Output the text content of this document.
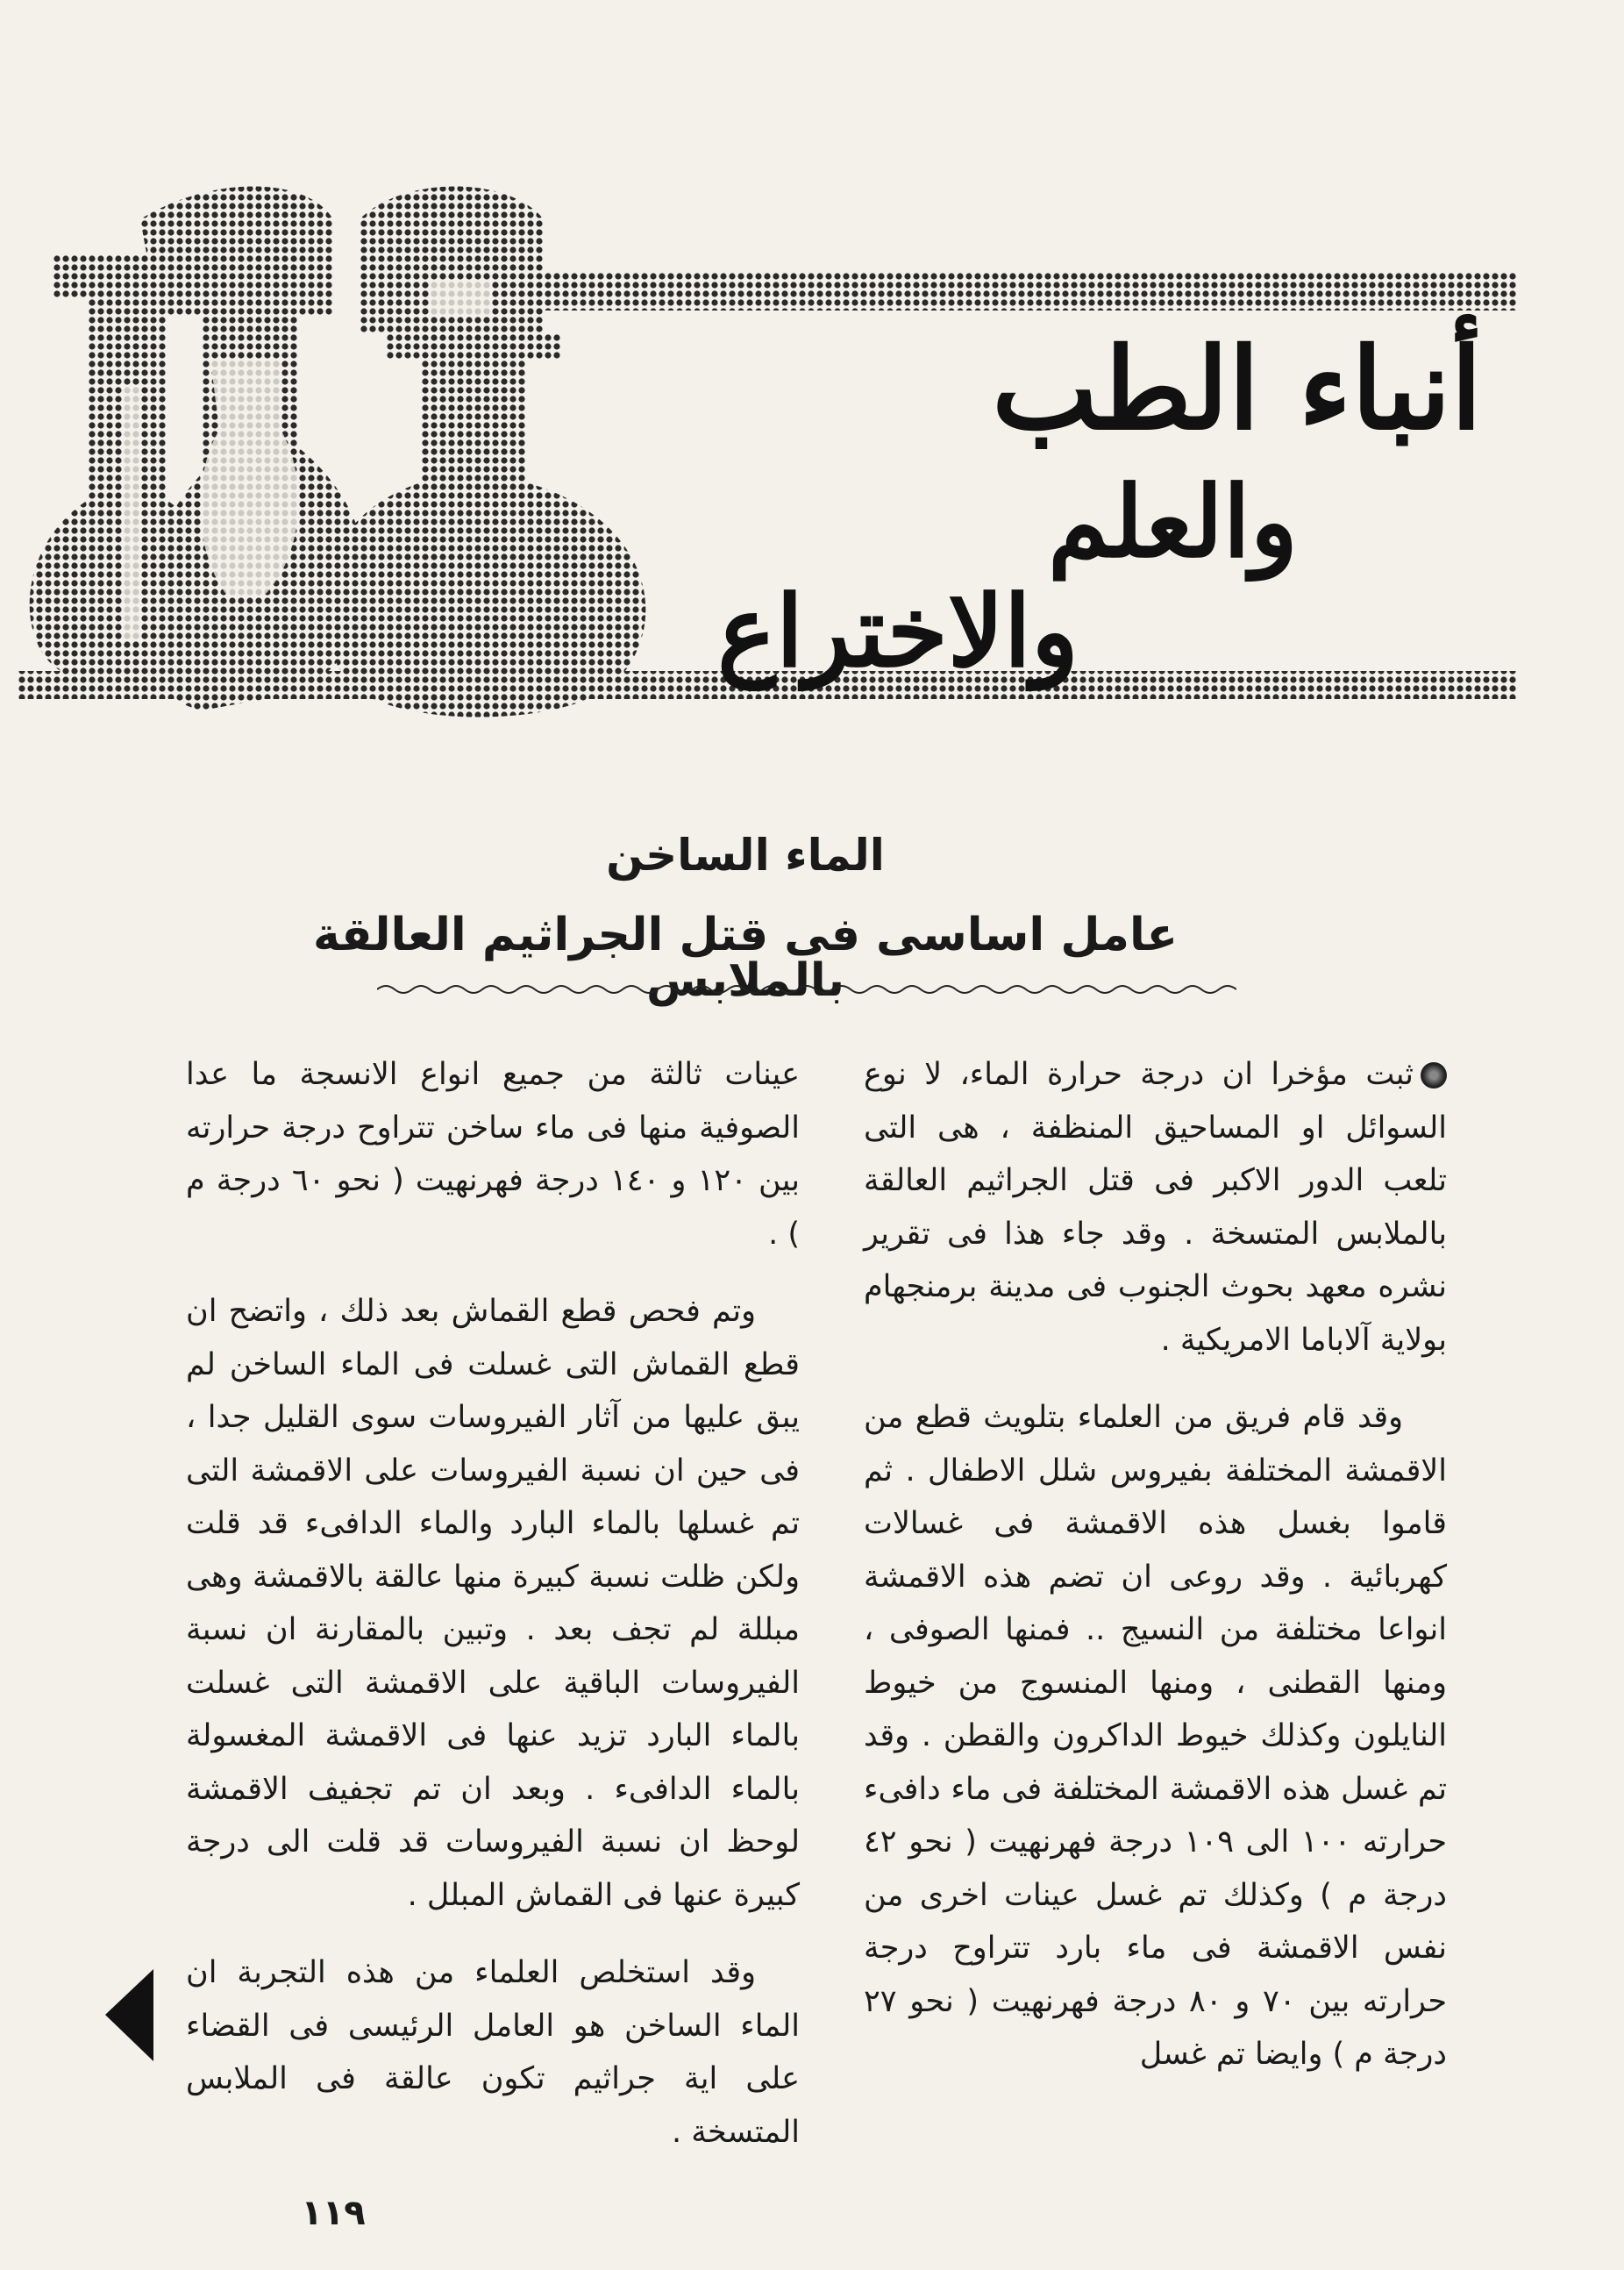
أنباء الطب
والعلم
والاختراع
الماء الساخن
عامل اساسى فى قتل الجراثيم العالقة بالملابس

ثبت مؤخرا ان درجة حرارة الماء، لا نوع السوائل او المساحيق المنظفة ، هى التى تلعب الدور الاكبر فى قتل الجراثيم العالقة بالملابس المتسخة . وقد جاء هذا فى تقرير نشره معهد بحوث الجنوب فى مدينة برمنجهام بولاية آلاباما الامريكية .

وقد قام فريق من العلماء بتلويث قطع من الاقمشة المختلفة بفيروس شلل الاطفال . ثم قاموا بغسل هذه الاقمشة فى غسالات كهربائية . وقد روعى ان تضم هذه الاقمشة انواعا مختلفة من النسيج .. فمنها الصوفى ، ومنها القطنى ، ومنها المنسوج من خيوط النايلون وكذلك خيوط الداكرون والقطن . وقد تم غسل هذه الاقمشة المختلفة فى ماء دافىء حرارته ١٠٠ الى ١٠٩ درجة فهرنهيت ( نحو ٤٢ درجة م ) وكذلك تم غسل عينات اخرى من نفس الاقمشة فى ماء بارد تتراوح درجة حرارته بين ٧٠ و ٨٠ درجة فهرنهيت ( نحو ٢٧ درجة م ) وايضا تم غسل

عينات ثالثة من جميع انواع الانسجة ما عدا الصوفية منها فى ماء ساخن تتراوح درجة حرارته بين ١٢٠ و ١٤٠ درجة فهرنهيت ( نحو ٦٠ درجة م ) .

وتم فحص قطع القماش بعد ذلك ، واتضح ان قطع القماش التى غسلت فى الماء الساخن لم يبق عليها من آثار الفيروسات سوى القليل جدا ، فى حين ان نسبة الفيروسات على الاقمشة التى تم غسلها بالماء البارد والماء الدافىء قد قلت ولكن ظلت نسبة كبيرة منها عالقة بالاقمشة وهى مبللة لم تجف بعد . وتبين بالمقارنة ان نسبة الفيروسات الباقية على الاقمشة التى غسلت بالماء البارد تزيد عنها فى الاقمشة المغسولة بالماء الدافىء . وبعد ان تم تجفيف الاقمشة لوحظ ان نسبة الفيروسات قد قلت الى درجة كبيرة عنها فى القماش المبلل .

وقد استخلص العلماء من هذه التجربة ان الماء الساخن هو العامل الرئيسى فى القضاء على اية جراثيم تكون عالقة فى الملابس المتسخة .

١١٩
